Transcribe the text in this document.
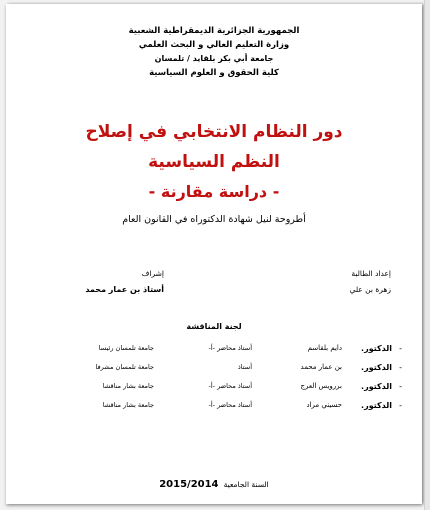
الجمهورية الجزائرية الديمقراطية الشعبية
وزارة التعليم العالي و البحث العلمي
جامعة أبي بكر بلقايد / تلمسان
كلية الحقوق و العلوم السياسية
دور النظام الانتخابي في إصلاح
النظم السياسية
- دراسة مقارنة -
أطروحة لنيل شهادة الدكتوراه في القانون العام
إعداد الطالبة
زهرة بن علي
إشراف
أستاذ بن عمار محمد
لجنة المناقشة
-
الدكتور.
دايم بلقاسم
أستاذ محاضر -أ-
جامعة تلمسان رئيسا
-
الدكتور.
بن عمار محمد
أستاذ
جامعة تلمسان مشرفا
-
الدكتور.
بررويس العرج
أستاذ محاضر -أ-
جامعة بشار مناقشا
-
الدكتور.
حسيني مراد
أستاذ محاضر -أ-
جامعة بشار مناقشا
السنة الجامعية 2015/2014
